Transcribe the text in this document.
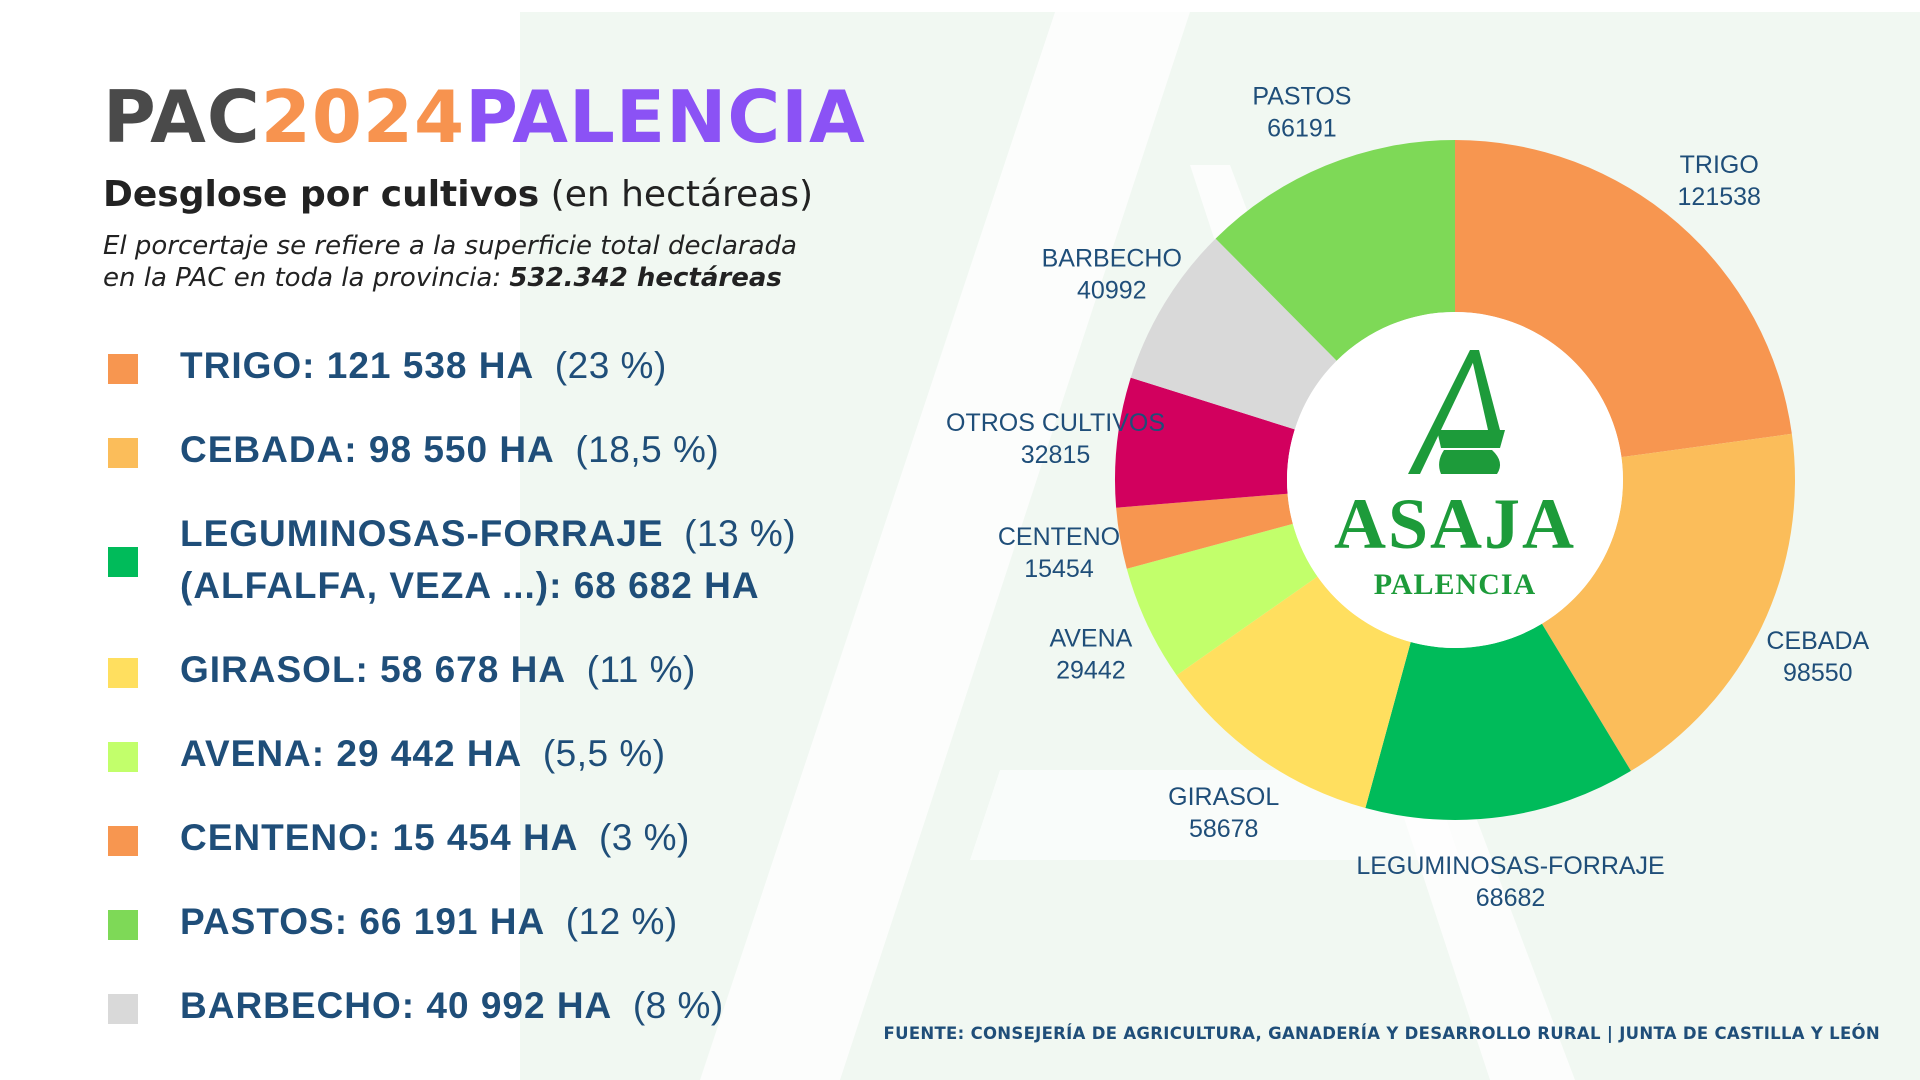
PAC2024PALENCIA
Desglose por cultivos (en hectáreas)
El porcertaje se refiere a la superficie total declarada
en la PAC en toda la provincia: 532.342 hectáreas
TRIGO: 121 538 HA (23 %)
CEBADA: 98 550 HA (18,5 %)
LEGUMINOSAS-FORRAJE (13 %)
(ALFALFA, VEZA ...): 68 682 HA
GIRASOL: 58 678 HA (11 %)
AVENA: 29 442 HA (5,5 %)
CENTENO: 15 454 HA (3 %)
PASTOS: 66 191 HA (12 %)
BARBECHO: 40 992 HA (8 %)
ASAJA
PALENCIA
TRIGO
121538
CEBADA
98550
LEGUMINOSAS-FORRAJE
68682
GIRASOL
58678
AVENA
29442
CENTENO
15454
OTROS CULTIVOS
32815
BARBECHO
40992
PASTOS
66191
FUENTE: CONSEJERÍA DE AGRICULTURA, GANADERÍA Y DESARROLLO RURAL | JUNTA DE CASTILLA Y LEÓN
